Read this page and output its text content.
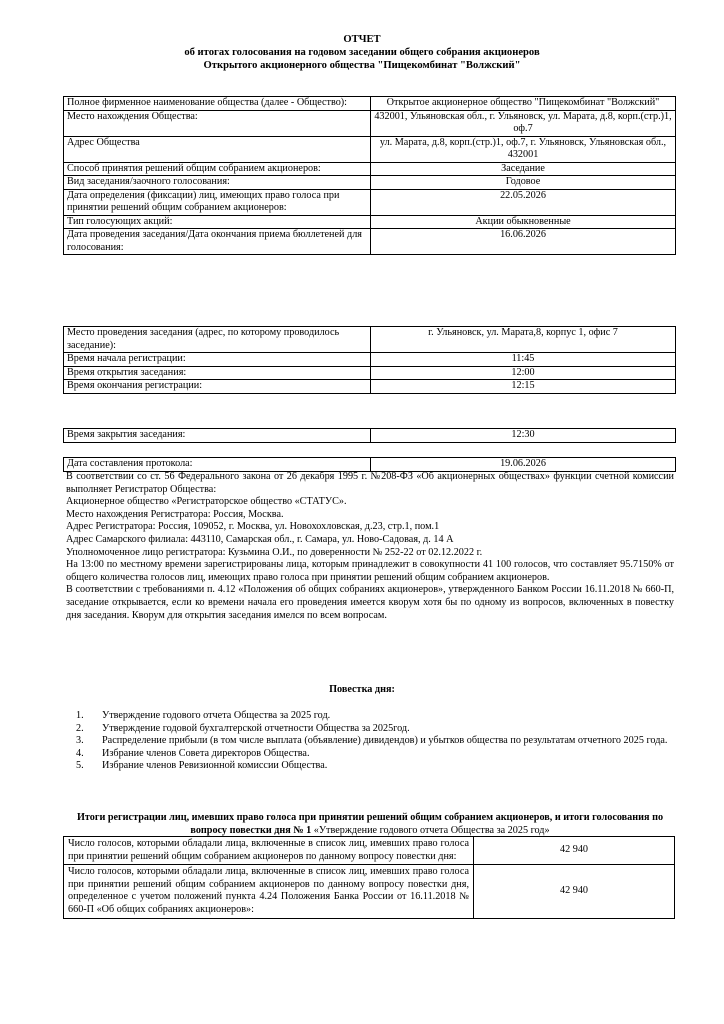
ОТЧЕТ
об итогах голосования на годовом заседании общего собрания акционеров
Открытого акционерного общества "Пищекомбинат "Волжский"
Полное фирменное наименование общества (далее - Общество):	Открытое акционерное общество "Пищекомбинат "Волжский"
Место нахождения Общества:	432001, Ульяновская обл., г. Ульяновск, ул. Марата, д.8, корп.(стр.)1, оф.7
Адрес Общества	ул. Марата, д.8, корп.(стр.)1, оф.7, г. Ульяновск, Ульяновская обл., 432001
Способ принятия решений общим собранием акционеров:	Заседание
Вид заседания/заочного голосования:	Годовое
Дата определения (фиксации) лиц, имеющих право голоса при принятии решений общим собранием акционеров:	22.05.2026
Тип голосующих акций:	Акции обыкновенные
Дата проведения заседания/Дата окончания приема бюллетеней для голосования:	16.06.2026
Место проведения заседания (адрес, по которому проводилось заседание):	г. Ульяновск, ул. Марата,8, корпус 1, офис 7
Время начала регистрации:	11:45
Время открытия заседания:	12:00
Время окончания регистрации:	12:15
Время закрытия заседания:	12:30
Дата составления протокола:	19.06.2026

В соответствии со ст. 56 Федерального закона от 26 декабря 1995 г. №208-ФЗ «Об акционерных обществах» функции счетной комиссии выполняет Регистратор Общества:

Акционерное общество «Регистраторское общество «СТАТУС».

Место нахождения Регистратора: Россия, Москва.

Адрес Регистратора: Россия, 109052, г. Москва, ул. Новохохловская, д.23, стр.1, пом.1

Адрес Самарского филиала: 443110, Самарская обл., г. Самара, ул. Ново-Садовая, д. 14 А

Уполномоченное лицо регистратора: Кузьмина О.И., по доверенности № 252-22 от 02.12.2022 г.

На 13:00 по местному времени зарегистрированы лица, которым принадлежит в совокупности 41 100 голосов, что составляет 95.7150% от общего количества голосов лиц, имеющих право голоса при принятии решений общим собранием акционеров.

В соответствии с требованиями п. 4.12 «Положения об общих собраниях акционеров», утвержденного Банком России 16.11.2018 № 660-П, заседание открывается, если ко времени начала его проведения имеется кворум хотя бы по одному из вопросов, включенных в повестку дня заседания. Кворум для открытия заседания имелся по всем вопросам.

Повестка дня:
1. Утверждение годового отчета Общества за 2025 год.
2. Утверждение годовой бухгалтерской отчетности Общества за 2025год.
3. Распределение прибыли (в том числе выплата (объявление) дивидендов) и убытков общества по результатам отчетного 2025 года.
4. Избрание членов Совета директоров Общества.
5. Избрание членов Ревизионной комиссии Общества.
Итоги регистрации лиц, имевших право голоса при принятии решений общим собранием акционеров, и итоги голосования по вопросу повестки дня № 1 «Утверждение годового отчета Общества за 2025 год»
Число голосов, которыми обладали лица, включенные в список лиц, имевших право голоса при принятии решений общим собранием акционеров по данному вопросу повестки дня:	42 940
Число голосов, которыми обладали лица, включенные в список лиц, имевших право голоса при принятии решений общим собранием акционеров по данному вопросу повестки дня, определенное с учетом положений пункта 4.24 Положения Банка России от 16.11.2018 № 660-П «Об общих собраниях акционеров»:	42 940
